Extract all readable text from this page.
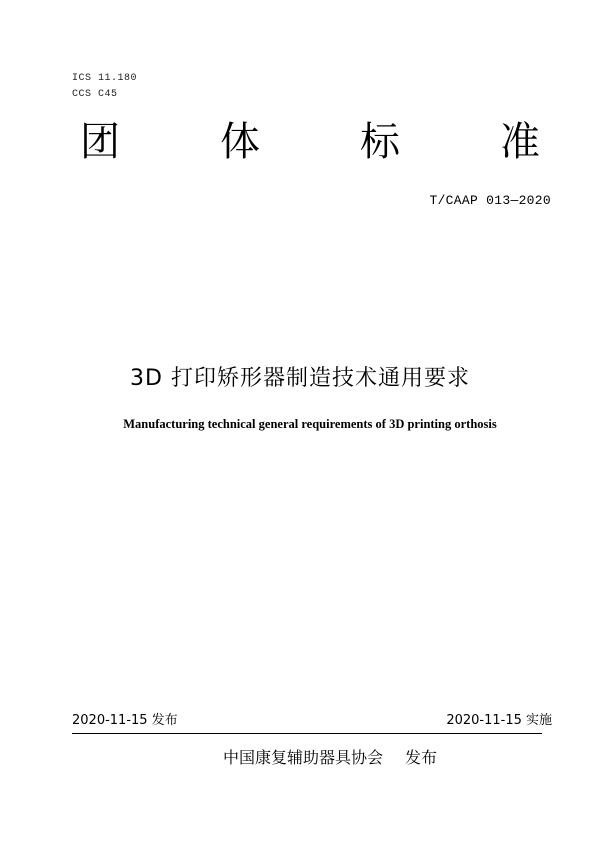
ICS 11.180
CCS C45
团	体	标	准
T/CAAP 013—2020
3D 打印矫形器制造技术通用要求
Manufacturing technical general requirements of 3D printing orthosis
2020-11-15 发布	2020-11-15 实施
中国康复辅助器具协会 发布
